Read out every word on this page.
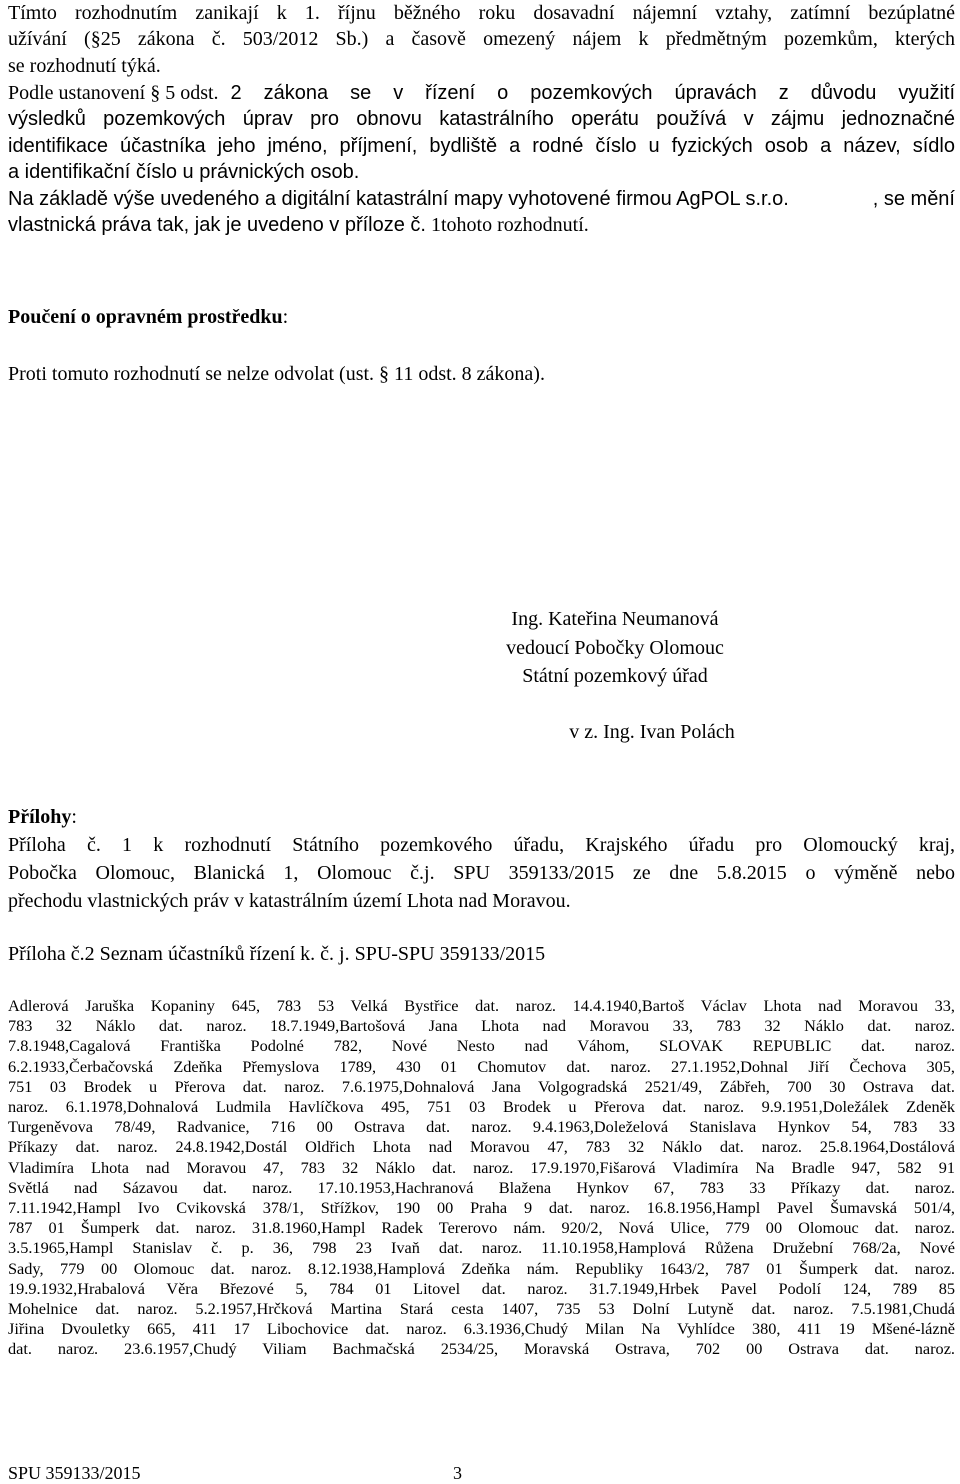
Tímto rozhodnutím zanikají k 1. říjnu běžného roku dosavadní nájemní vztahy, zatímní bezúplatné
užívání (§25 zákona č. 503/2012 Sb.) a časově omezený nájem k předmětným pozemkům, kterých
se rozhodnutí týká.
Podle ustanovení § 5 odst. 2 zákona se v řízení o pozemkových úpravách z důvodu využití
výsledků pozemkových úprav pro obnovu katastrálního operátu používá v zájmu jednoznačné
identifikace účastníka jeho jméno, příjmení, bydliště a rodné číslo u fyzických osob a název, sídlo
a identifikační číslo u právnických osob.
Na základě výše uvedeného a digitální katastrální mapy vyhotovené firmou AgPOL s.r.o.	, se mění
vlastnická práva tak, jak je uvedeno v příloze č. 1tohoto rozhodnutí.
Poučení o opravném prostředku:
Proti tomuto rozhodnutí se nelze odvolat (ust. § 11 odst. 8 zákona).
Ing. Kateřina Neumanová
vedoucí Pobočky Olomouc
Státní pozemkový úřad
v z. Ing. Ivan Polách
Přílohy:
Příloha č. 1 k rozhodnutí Státního pozemkového úřadu, Krajského úřadu pro Olomoucký kraj,
Pobočka Olomouc, Blanická 1, Olomouc č.j. SPU 359133/2015 ze dne 5.8.2015 o výměně nebo
přechodu vlastnických práv v katastrálním území Lhota nad Moravou.
Příloha č.2 Seznam účastníků řízení k. č. j. SPU-SPU 359133/2015
Adlerová Jaruška Kopaniny 645, 783 53 Velká Bystřice dat. naroz. 14.4.1940,Bartoš Václav Lhota nad Moravou 33,
783 32 Náklo dat. naroz. 18.7.1949,Bartošová Jana Lhota nad Moravou 33, 783 32 Náklo dat. naroz.
7.8.1948,Cagalová Františka Podolné 782, Nové Nesto nad Váhom, SLOVAK REPUBLIC dat. naroz.
6.2.1933,Čerbačovská Zdeňka Přemyslova 1789, 430 01 Chomutov dat. naroz. 27.1.1952,Dohnal Jiří Čechova 305,
751 03 Brodek u Přerova dat. naroz. 7.6.1975,Dohnalová Jana Volgogradská 2521/49, Zábřeh, 700 30 Ostrava dat.
naroz. 6.1.1978,Dohnalová Ludmila Havlíčkova 495, 751 03 Brodek u Přerova dat. naroz. 9.9.1951,Doležálek Zdeněk
Turgeněvova 78/49, Radvanice, 716 00 Ostrava dat. naroz. 9.4.1963,Doleželová Stanislava Hynkov 54, 783 33
Příkazy dat. naroz. 24.8.1942,Dostál Oldřich Lhota nad Moravou 47, 783 32 Náklo dat. naroz. 25.8.1964,Dostálová
Vladimíra Lhota nad Moravou 47, 783 32 Náklo dat. naroz. 17.9.1970,Fišarová Vladimíra Na Bradle 947, 582 91
Světlá nad Sázavou dat. naroz. 17.10.1953,Hachranová Blažena Hynkov 67, 783 33 Příkazy dat. naroz.
7.11.1942,Hampl Ivo Cvikovská 378/1, Střížkov, 190 00 Praha 9 dat. naroz. 16.8.1956,Hampl Pavel Šumavská 501/4,
787 01 Šumperk dat. naroz. 31.8.1960,Hampl Radek Tererovo nám. 920/2, Nová Ulice, 779 00 Olomouc dat. naroz.
3.5.1965,Hampl Stanislav č. p. 36, 798 23 Ivaň dat. naroz. 11.10.1958,Hamplová Růžena Družební 768/2a, Nové
Sady, 779 00 Olomouc dat. naroz. 8.12.1938,Hamplová Zdeňka nám. Republiky 1643/2, 787 01 Šumperk dat. naroz.
19.9.1932,Hrabalová Věra Březové 5, 784 01 Litovel dat. naroz. 31.7.1949,Hrbek Pavel Podolí 124, 789 85
Mohelnice dat. naroz. 5.2.1957,Hrčková Martina Stará cesta 1407, 735 53 Dolní Lutyně dat. naroz. 7.5.1981,Chudá
Jiřina Dvouletky 665, 411 17 Libochovice dat. naroz. 6.3.1936,Chudý Milan Na Vyhlídce 380, 411 19 Mšené-lázně
dat. naroz. 23.6.1957,Chudý Viliam Bachmačská 2534/25, Moravská Ostrava, 702 00 Ostrava dat. naroz.
SPU 359133/2015	3
